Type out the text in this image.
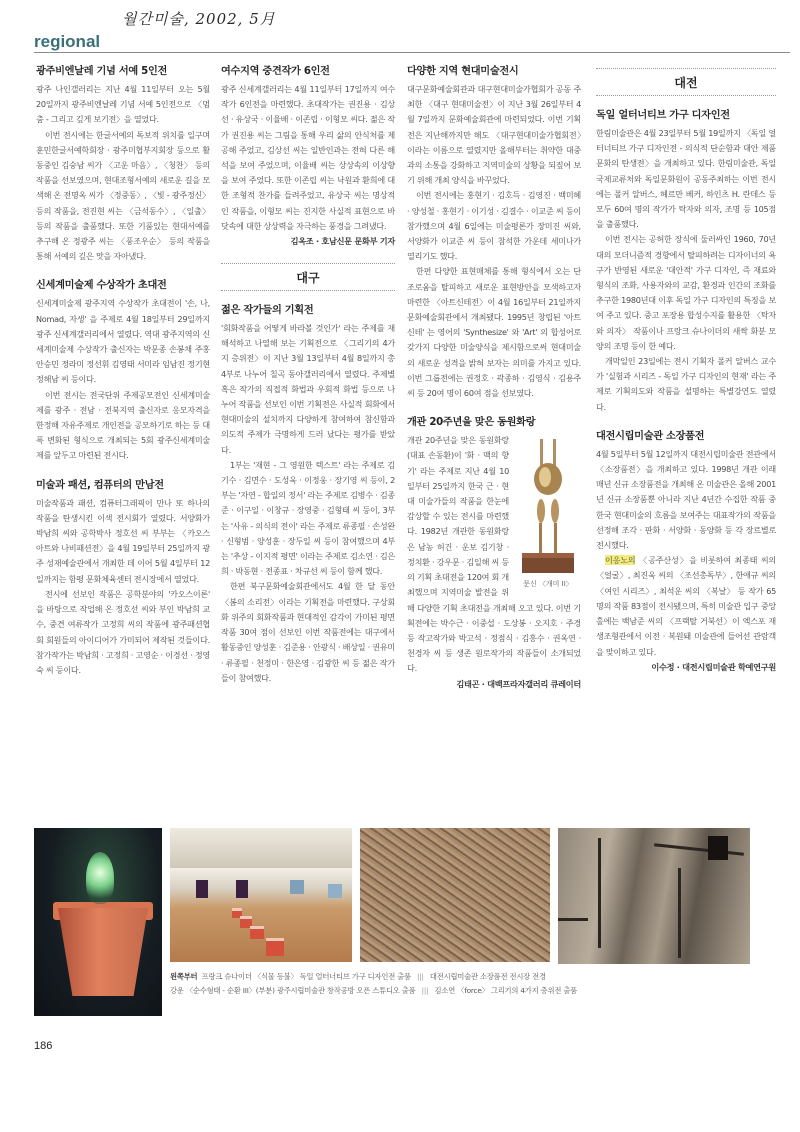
월간미술, 2002, 5月
regional
광주비엔날레 기념 서예 5인전

광주 나인갤러리는 지난 4월 11일부터 오는 5월 20일까지 광주비엔날레 기념 서예 5인전으로 〈멈춤 - 그리고 깊게 보기전〉을 열었다.

이번 전시에는 한글서예의 독보적 위치를 일구며 훈민한글서예학회장 · 광주미협부지회장 등으로 활동중인 김숭남 씨가 〈고운 마음〉, 〈청찬〉 등의 작품을 선보였으며, 현대조형서예의 새로운 길을 모색해 온 전명옥 씨가 〈정중동〉, 〈빛 - 광주정신〉등의 작품을, 전진현 씨는 〈금석동수〉, 〈일출〉 등의 작품을 출품했다. 또한 기품있는 현대서예를 추구해 온 정광주 씨는 〈풍조우순〉 등의 작품을 통해 서예의 깊은 맛을 자아냈다.

신세계미술제 수상작가 초대전

신세계미술제 광주지역 수상작가 초대전이 '손, 나, Nomad, 자생' 을 주제로 4월 18일부터 29일까지 광주 신세계갤러리에서 열렸다. 역대 광주지역의 신세계미술제 수상작가 출신자는 박문종 손봉채 주홍 안승민 정라미 정선휘 김영태 서미라 임남진 정기현 정해남 씨 등이다.

이번 전시는 전국단위 주제공모전인 신세계미술제를 광주 · 전남 · 전북지역 출신자로 응모자격을 한정해 자유주제로 개인전을 공모하기로 하는 등 대폭 변화된 형식으로 개최되는 5회 광주신세계미술제를 앞두고 마련된 전시다.

미술과 패션, 컴퓨터의 만남전

미술작품과 패션, 컴퓨터그래픽이 만나 또 하나의 작품을 탄생시킨 이색 전시회가 열렸다. 서양화가 박남희 씨와 공학박사 정호선 씨 부부는 〈카오스 아트와 나비패션전〉을 4월 19일부터 25일까지 광주 성재예술관에서 개최한 데 이어 5월 4일부터 12일까지는 함평 문화체육센터 전시장에서 열었다.

전시에 선보인 작품은 공학분야의 '카오스이론' 을 바탕으로 작업해 온 정호선 씨와 부인 박남희 교수, 중견 여류작가 고정희 씨의 작품에 광주패션협회 회원들의 아이디어가 가미되어 제작된 것들이다. 참가작가는 박남희 · 고정희 · 고영순 · 이경선 · 정영숙 씨 등이다.

여수지역 중견작가 6인전

광주 신세계갤러리는 4월 11일부터 17일까지 여수작가 6인전을 마련했다. 초대작가는 권진용 · 김상선 · 유상국 · 이율배 · 이존립 · 이형모 씨다. 젊은 작가 권진용 씨는 그림을 통해 우리 삶의 안식처를 제공해 주었고, 김상선 씨는 일반인과는 전혀 다른 해석을 보여 주었으며, 이율배 씨는 상상속의 이상향을 보여 주었다. 또한 이존립 씨는 낙원과 환희에 대한 조형적 찬가를 들려주었고, 유상국 씨는 명상적인 작품을, 이형모 씨는 진지한 사실적 표현으로 바닷속에 대한 상상력을 자극하는 풍경을 그려냈다.

김옥조 · 호남신문 문화부 기자
대구
젊은 작가들의 기획전

'회화작품을 어떻게 바라볼 것인가' 라는 주제를 재해석하고 나열해 보는 기획전으로 〈그리기의 4가지 층위전〉이 지난 3월 13일부터 4월 8일까지 총 4부로 나누어 칠곡 동아갤러리에서 열렸다. 주제별 혹은 작가의 직접적 화법과 우회적 화법 등으로 나누어 작품을 선보인 이번 기획전은 사실적 회화에서 현대미술의 설치까지 다양하게 참여하여 참신함과 의도적 주제가 극명하게 드러 났다는 평가를 받았다.

1부는 '재현 - 그 영원한 텍스트' 라는 주제로 김기수 · 김면수 · 도성욱 · 이정웅 · 장기영 씨 등이, 2부는 '자연 - 합일의 정서' 라는 주제로 김병수 · 김종준 · 이구일 · 이창규 · 장영중 · 김형태 씨 등이, 3부는 '사유 - 의식의 전이' 라는 주제로 류종필 · 손성완 · 신형범 · 양성훈 · 장두일 씨 등이 참여했으며 4부는 '추상 - 이지적 평면' 이라는 주제로 김소연 · 김은희 · 박동현 · 전종표 · 차규선 씨 등이 함께 했다.

한편 북구문화예술회관에서도 4월 한 달 동안 〈봄의 소리전〉이라는 기획전을 마련했다. 구상회화 위주의 회화작품과 현대적인 감각이 가미된 평면작품 30여 점이 선보인 이번 작품전에는 대구에서 활동중인 양성훈 · 김준용 · 안광식 · 배상일 · 권유미 · 류종필 · 천정미 · 한은영 · 김광한 씨 등 젊은 작가들이 참여했다.

다양한 지역 현대미술전시

대구문화예술회관과 대구현대미술가협회가 공동 주최한 〈대구 현대미술전〉이 지난 3월 26일부터 4월 7일까지 문화예술회관에 마련되었다. 이번 기획전은 지난해까지만 해도 〈대구현대미술가협회전〉이라는 이름으로 열렸지만 올해부터는 취약한 대중과의 소통을 강화하고 지역미술의 상황을 되짚어 보기 위해 개최 양식을 바꾸었다.

이번 전시에는 홍현기 · 김호득 · 김영진 · 백미혜 · 양성철 · 홍현기 · 이기성 · 김결수 · 이교준 씨 등이 참가했으며 4월 6일에는 미술평론가 장미진 씨와, 서양화가 이교준 씨 등이 참석한 가운데 세미나가 열리기도 했다.

한편 다양한 표현매체를 통해 형식에서 오는 단조로움을 탈피하고 새로운 표현방안을 모색하고자 마련한 〈아트신테전〉이 4월 16일부터 21일까지 문화예술회관에서 개최됐다. 1995년 창립된 '아트신테' 는 영어의 'Synthesize' 와 'Art' 의 합성어로 갖가지 다양한 미술양식을 제시함으로써 현대미술의 새로운 성격을 밝혀 보자는 의미를 가지고 있다. 이번 그룹전에는 권정호 · 곽종하 · 김영식 · 김용주 씨 등 20여 명이 60여 점을 선보였다.

개관 20주년을 맞은 동원화랑
문신 〈개미 II〉

개관 20주년을 맞은 동원화랑(대표 손동환)이 '화 · 맥의 향기' 라는 주제로 지난 4월 10일부터 25일까지 한국 근 · 현대 미술가들의 작품을 한눈에 감상할 수 있는 전시를 마련했다. 1982년 개관한 동원화랑은 남농 허건 · 운보 김기창 · 정치환 · 강우문 · 김일해 씨 등의 기획 초대전을 120여 회 개최했으며 지역미술 발전을 위해 다양한 기획 초대전을 개최해 오고 있다. 이번 기획전에는 박수근 · 이중섭 · 도상봉 · 오지호 · 주경 등 작고작가와 박고석 · 정점식 · 김흥수 · 권옥연 · 천경자 씨 등 생존 원로작가의 작품들이 소개되었다.

김태곤 · 대백프라자갤러리 큐레이터
대전
독일 얼터너티브 가구 디자인전

한림미술관은 4월 23일부터 5월 19일까지 〈독일 얼터너티브 가구 디자인전 - 의식적 단순함과 대안 제품 문화의 탄생전〉을 개최하고 있다. 한림미술관, 독일국제교류처와 독일문화원이 공동주최하는 이번 전시에는 폴커 알버스, 헤르만 베커, 하인츠 H. 란데스 등 모두 60여 명의 작가가 탁자와 의자, 조명 등 105점을 출품했다.

이번 전시는 공허한 장식에 둘러싸인 1960, 70년대의 모더니즘적 경향에서 탈피하려는 디자이너의 욕구가 반영된 새로운 '대안적' 가구 디자인, 즉 재료와 형식의 조화, 사용자와의 교감, 환경과 인간의 조화를 추구한 1980년대 이후 독일 가구 디자인의 특징을 보여 주고 있다. 중고 포장용 합성수지를 활용한 〈탁자와 의자〉 작품이나 프랑크 슈나이더의 새싹 화분 모양의 조명 등이 한 예다.

개막일인 23일에는 전시 기획자 폴커 알버스 교수가 '실험과 시리즈 - 독일 가구 디자인의 현재' 라는 주제로 기획의도와 작품을 설명하는 특별강연도 열렸다.

대전시립미술관 소장품전

4월 5일부터 5월 12일까지 대전시립미술관 전관에서 〈소장품전〉을 개최하고 있다. 1998년 개관 이래 매년 신규 소장품전을 개최해 온 미술관은 올해 2001년 신규 소장품뿐 아니라 지난 4년간 수집한 작품 중 한국 현대미술의 흐름을 보여주는 대표작가의 작품을 선정해 조각 · 판화 · 서양화 · 동양화 등 각 장르별로 전시했다.

이응노의 〈공주산성〉을 비롯하여 최종태 씨의 〈얼굴〉, 최진욱 씨의 〈조선총독부〉, 한애규 씨의 〈여인 시리즈〉, 최석운 씨의 〈복날〉 등 작가 65명의 작품 83점이 전시됐으며, 특히 미술관 입구 중앙홀에는 백남준 씨의 〈프랙탈 거북선〉이 엑스포 재생조형관에서 이전 · 복원돼 미술관에 들어선 관람객을 맞이하고 있다.

이수정 · 대전시립미술관 학예연구원
왼쪽부터 프랑크 슈나이더 〈식물 등불〉 독일 얼터너티브 가구 디자인전 출품 ||| 대전시립미술관 소장품전 전시장 전경
강운 〈순수형태 - 순환 III〉(부분) 광주시립미술관 창작공방 오픈 스튜디오 출품 ||| 김소연 〈force〉 그리기의 4가지 층위전 출품
186
